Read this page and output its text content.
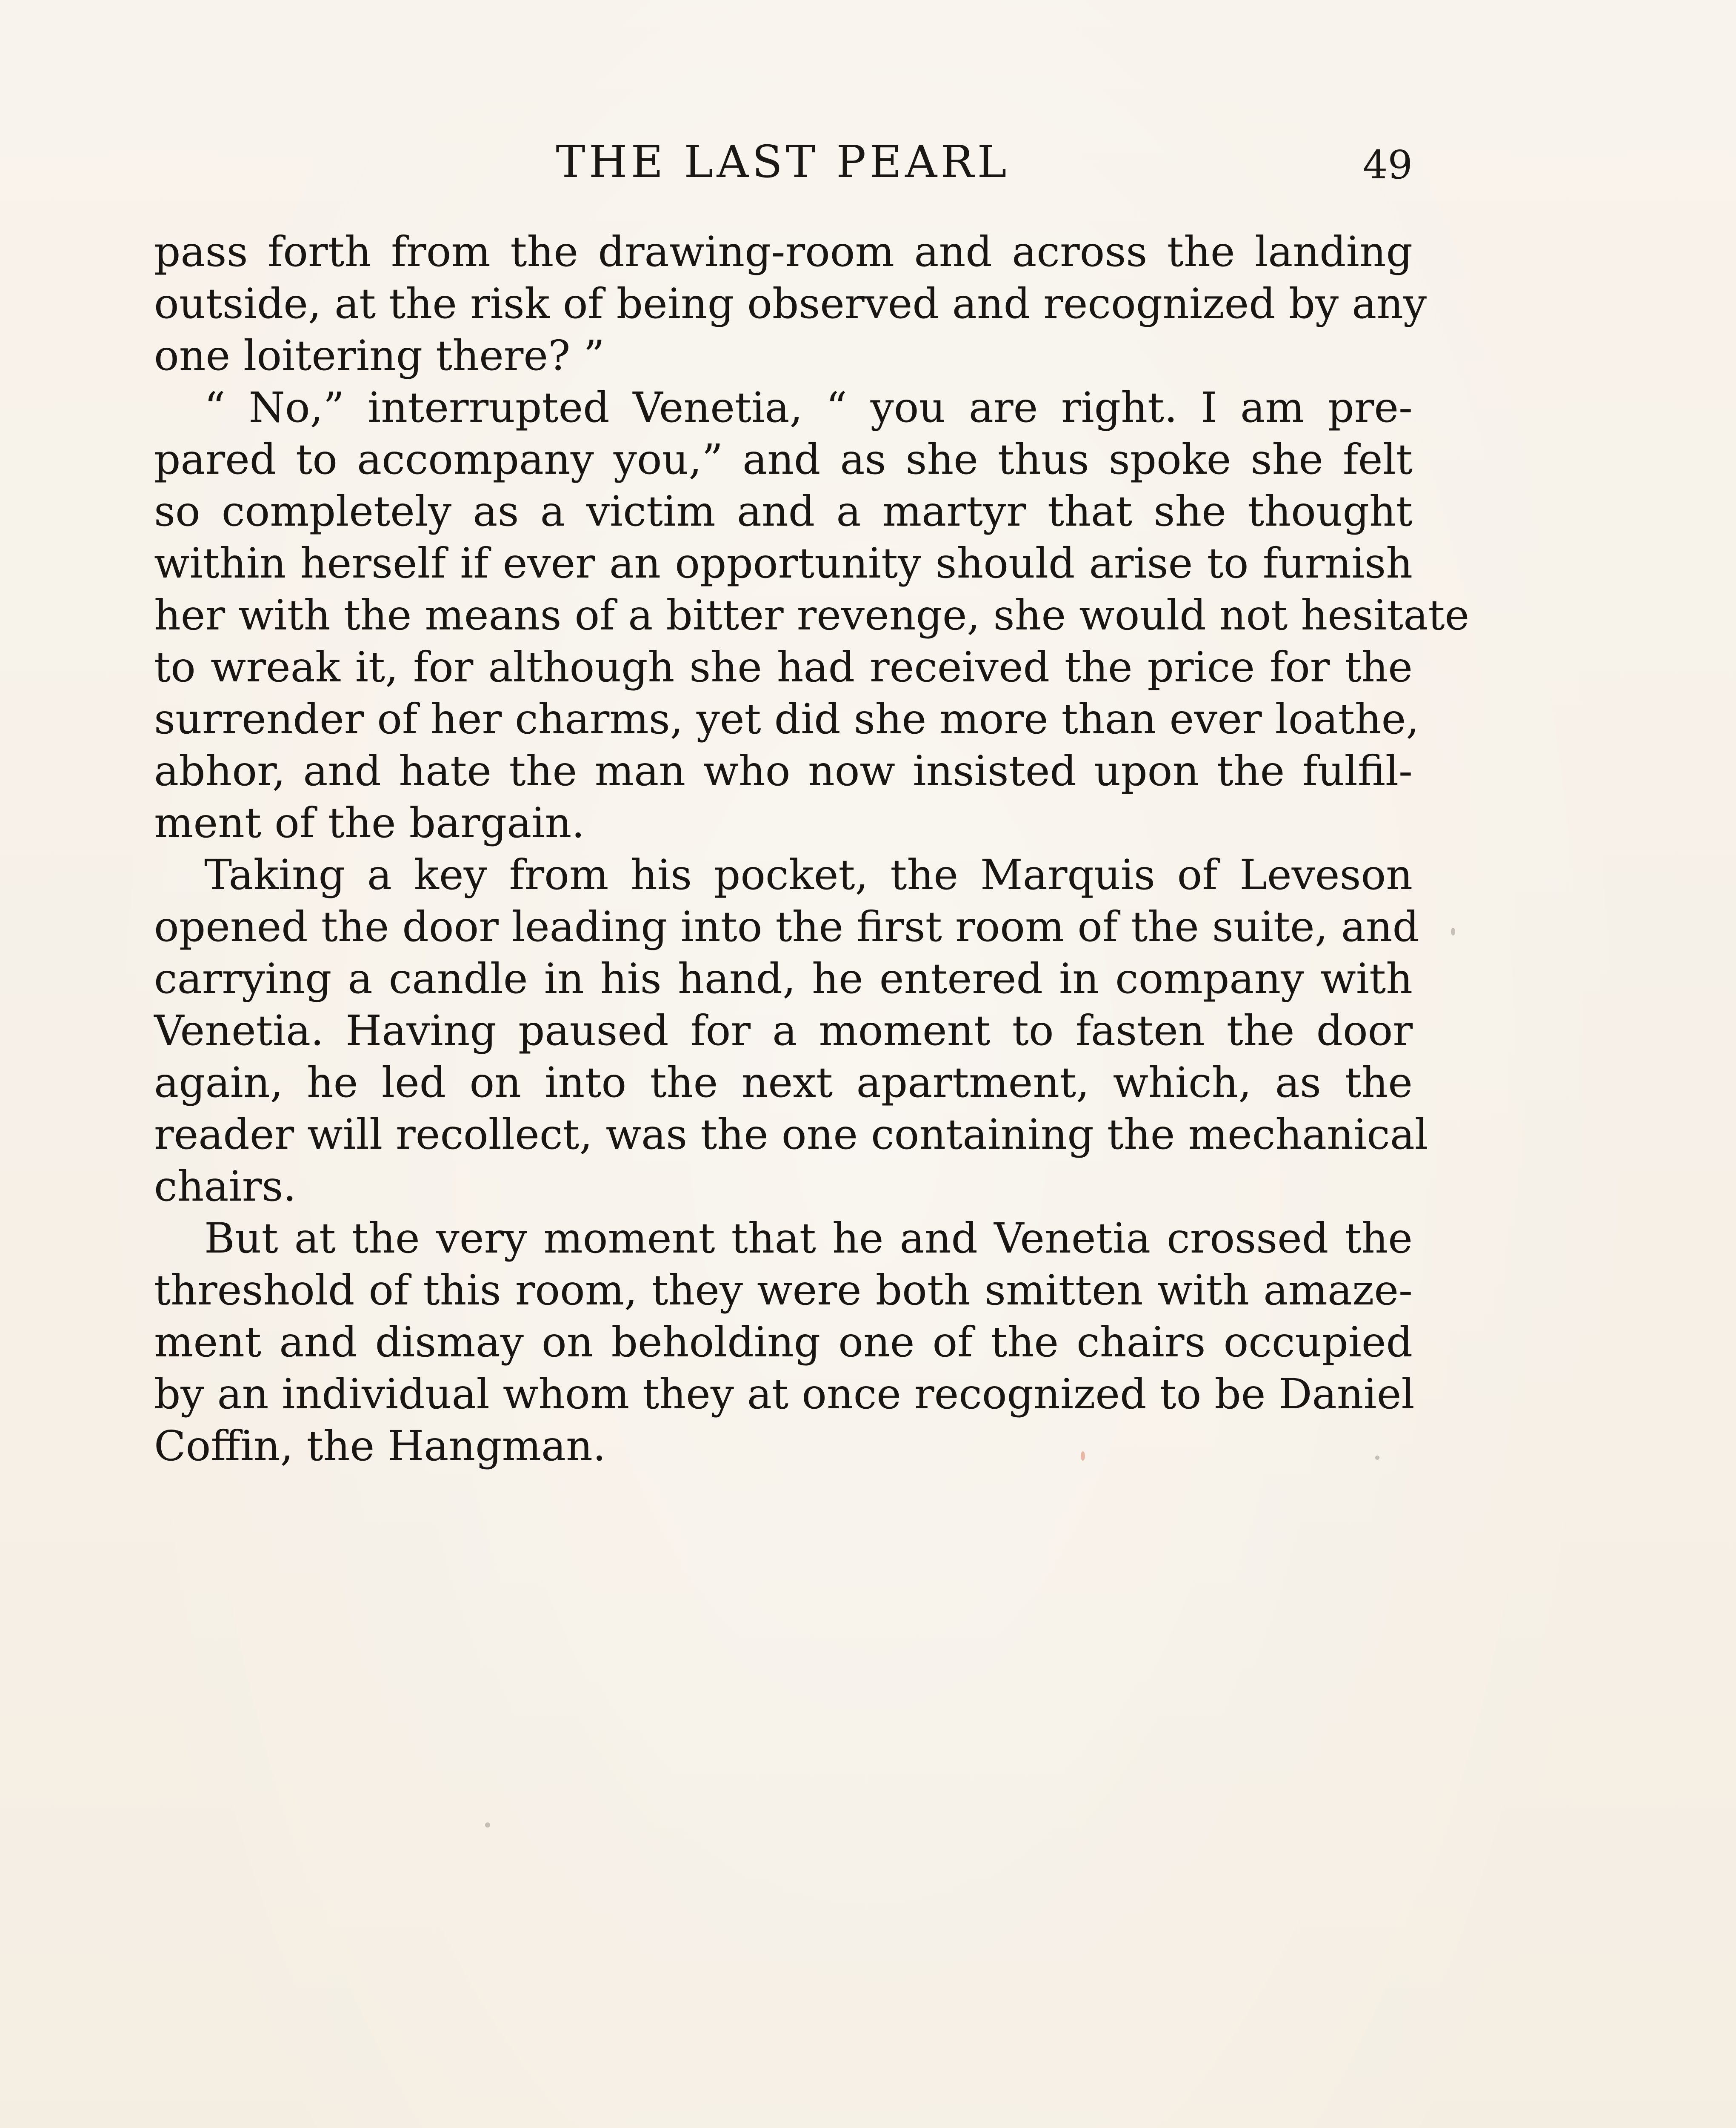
THE LAST PEARL	49

pass forth from the drawing-room and across the landing
outside, at the risk of being observed and recognized by any
one loitering there? ”

“ No,” interrupted Venetia, “ you are right. I am pre-
pared to accompany you,” and as she thus spoke she felt
so completely as a victim and a martyr that she thought
within herself if ever an opportunity should arise to furnish
her with the means of a bitter revenge, she would not hesitate
to wreak it, for although she had received the price for the
surrender of her charms, yet did she more than ever loathe,
abhor, and hate the man who now insisted upon the fulfil-
ment of the bargain.

Taking a key from his pocket, the Marquis of Leveson
opened the door leading into the first room of the suite, and
carrying a candle in his hand, he entered in company with
Venetia. Having paused for a moment to fasten the door
again, he led on into the next apartment, which, as the
reader will recollect, was the one containing the mechanical
chairs.

But at the very moment that he and Venetia crossed the
threshold of this room, they were both smitten with amaze-
ment and dismay on beholding one of the chairs occupied
by an individual whom they at once recognized to be Daniel
Coffin, the Hangman.
